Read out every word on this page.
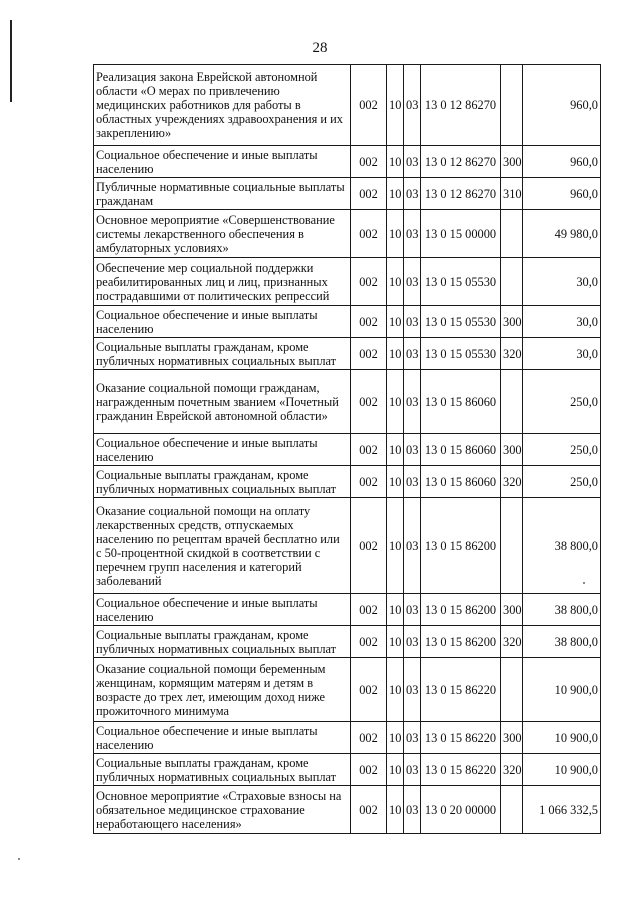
28
Реализация закона Еврейской автономной области «О мерах по привлечению медицинских работников для работы в областных учреждениях здравоохранения и их закреплению»	002	10	03	13 0 12 86270		960,0
Социальное обеспечение и иные выплаты населению	002	10	03	13 0 12 86270	300	960,0
Публичные нормативные социальные выплаты гражданам	002	10	03	13 0 12 86270	310	960,0
Основное мероприятие «Совершенствование системы лекарственного обеспечения в амбулаторных условиях»	002	10	03	13 0 15 00000		49 980,0
Обеспечение мер социальной поддержки реабилитированных лиц и лиц, признанных пострадавшими от политических репрессий	002	10	03	13 0 15 05530		30,0
Социальное обеспечение и иные выплаты населению	002	10	03	13 0 15 05530	300	30,0
Социальные выплаты гражданам, кроме публичных нормативных социальных выплат	002	10	03	13 0 15 05530	320	30,0
Оказание социальной помощи гражданам, награжденным почетным званием «Почетный гражданин Еврейской автономной области»	002	10	03	13 0 15 86060		250,0
Социальное обеспечение и иные выплаты населению	002	10	03	13 0 15 86060	300	250,0
Социальные выплаты гражданам, кроме публичных нормативных социальных выплат	002	10	03	13 0 15 86060	320	250,0
Оказание социальной помощи на оплату лекарственных средств, отпускаемых населению по рецептам врачей бесплатно или с 50-процентной скидкой в соответствии с перечнем групп населения и категорий заболеваний	002	10	03	13 0 15 86200		38 800,0
Социальное обеспечение и иные выплаты населению	002	10	03	13 0 15 86200	300	38 800,0
Социальные выплаты гражданам, кроме публичных нормативных социальных выплат	002	10	03	13 0 15 86200	320	38 800,0
Оказание социальной помощи беременным женщинам, кормящим матерям и детям в возрасте до трех лет, имеющим доход ниже прожиточного минимума	002	10	03	13 0 15 86220		10 900,0
Социальное обеспечение и иные выплаты населению	002	10	03	13 0 15 86220	300	10 900,0
Социальные выплаты гражданам, кроме публичных нормативных социальных выплат	002	10	03	13 0 15 86220	320	10 900,0
Основное мероприятие «Страховые взносы на обязательное медицинское страхование неработающего населения»	002	10	03	13 0 20 00000		1 066 332,5
